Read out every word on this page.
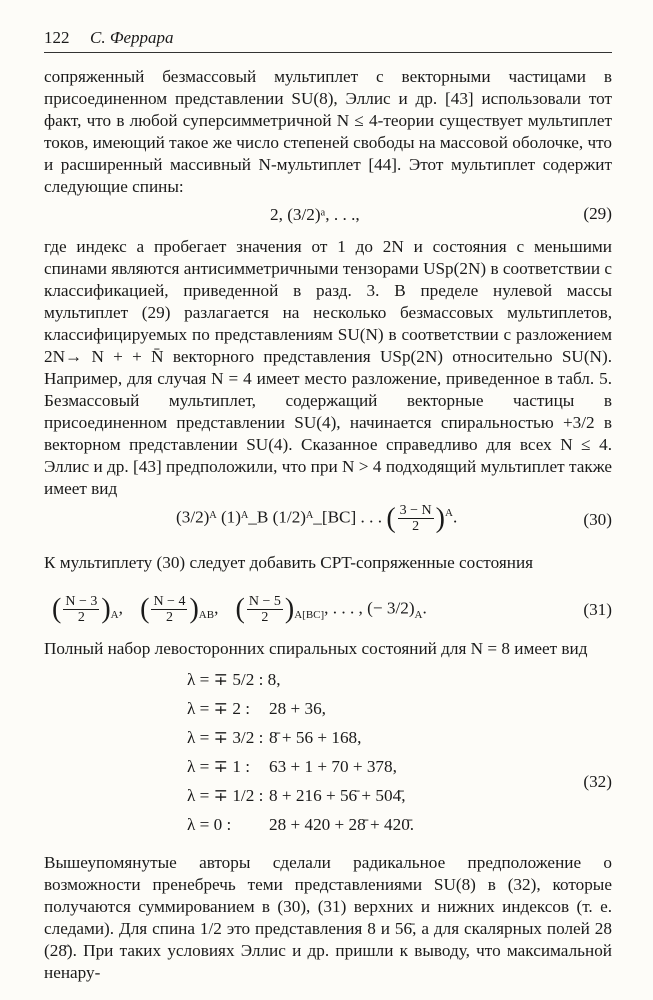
122 С. Феррара
сопряженный безмассовый мультиплет с векторными частицами в присоединенном представлении SU(8), Эллис и др. [43] использовали тот факт, что в любой суперсимметричной N ≤ 4-теории существует мультиплет токов, имеющий такое же число степеней свободы на массовой оболочке, что и расширенный массивный N-мультиплет [44]. Этот мультиплет содержит следующие спины:
2, (3/2)ᵃ, . . .,	(29)
где индекс a пробегает значения от 1 до 2N и состояния с меньшими спинами являются антисимметричными тензорами USp(2N) в соответствии с классификацией, приведенной в разд. 3. В пределе нулевой массы мультиплет (29) разлагается на несколько безмассовых мультиплетов, классифицируемых по представлениям SU(N) в соответствии с разложением 2N→ N + + N̄ векторного представления USp(2N) относительно SU(N). Например, для случая N = 4 имеет место разложение, приведенное в табл. 5. Безмассовый мультиплет, содержащий векторные частицы в присоединенном представлении SU(4), начинается спиральностью +3/2 в векторном представлении SU(4). Сказанное справедливо для всех N ≤ 4. Эллис и др. [43] предположили, что при N > 4 подходящий мультиплет также имеет вид
(3/2)ᴬ (1)ᴬ_B (1/2)ᴬ_[BC] . . . ( $\frac{3 - N}{2} )^A$.	(30)
К мультиплету (30) следует добавить CPT-сопряженные состояния
( $\frac{N - 3}{2} )_A$,    ( $\frac{N - 4}{2} )_{AB}$,    ( $\frac{N - 5}{2} )_{A[BC]}$, . . . , (− $3/2)_A$.	(31)
Полный набор левосторонних спиральных состояний для N = 8 имеет вид
λ = ∓ 5/2 : 8,
λ = ∓ 2 : 28 + 36,
λ = ∓ 3/2 : 8̄ + 56 + 168,
λ = ∓ 1 : 63 + 1 + 70 + 378,
λ = ∓ 1/2 : 8 + 216 + 56̄ + 504̄,
λ = 0 : 28 + 420 + 28̄ + 420̄.
(32)
Вышеупомянутые авторы сделали радикальное предположение о возможности пренебречь теми представлениями SU(8) в (32), которые получаются суммированием в (30), (31) верхних и нижних индексов (т. е. следами). Для спина 1/2 это представления 8 и 56̄, а для скалярных полей 28 (28̄). При таких условиях Эллис и др. пришли к выводу, что максимальной ненару-
